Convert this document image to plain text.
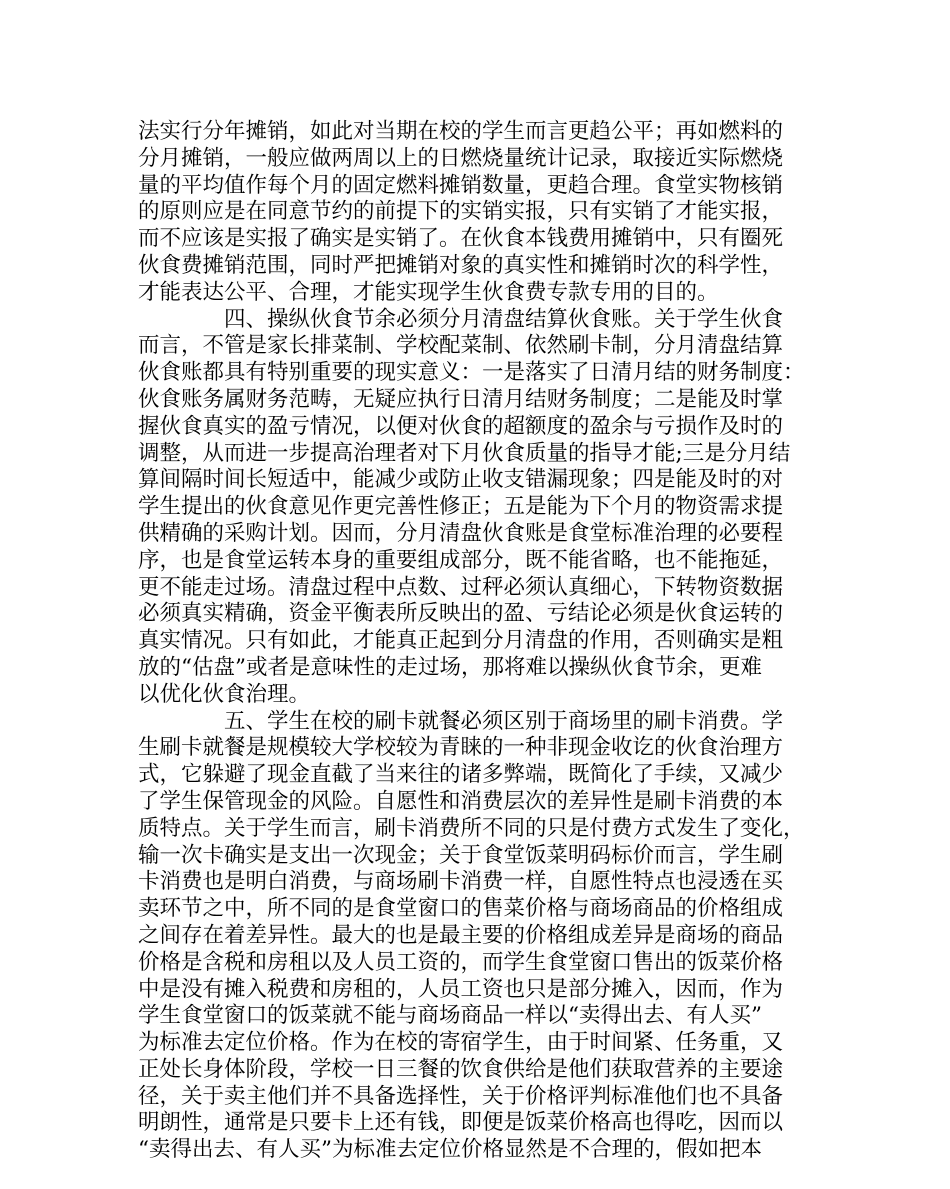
法实行分年摊销，如此对当期在校的学生而言更趋公平；再如燃料的
分月摊销，一般应做两周以上的日燃烧量统计记录，取接近实际燃烧
量的平均值作每个月的固定燃料摊销数量，更趋合理。食堂实物核销
的原则应是在同意节约的前提下的实销实报，只有实销了才能实报，
而不应该是实报了确实是实销了。在伙食本钱费用摊销中，只有圈死
伙食费摊销范围，同时严把摊销对象的真实性和摊销时次的科学性，
才能表达公平、合理，才能实现学生伙食费专款专用的目的。
四、操纵伙食节余必须分月清盘结算伙食账。关于学生伙食
而言，不管是家长排菜制、学校配菜制、依然刷卡制，分月清盘结算
伙食账都具有特别重要的现实意义：一是落实了日清月结的财务制度：
伙食账务属财务范畴，无疑应执行日清月结财务制度；二是能及时掌
握伙食真实的盈亏情况，以便对伙食的超额度的盈余与亏损作及时的
调整，从而进一步提高治理者对下月伙食质量的指导才能;三是分月结
算间隔时间长短适中，能减少或防止收支错漏现象；四是能及时的对
学生提出的伙食意见作更完善性修正；五是能为下个月的物资需求提
供精确的采购计划。因而，分月清盘伙食账是食堂标准治理的必要程
序，也是食堂运转本身的重要组成部分，既不能省略，也不能拖延，
更不能走过场。清盘过程中点数、过秤必须认真细心，下转物资数据
必须真实精确，资金平衡表所反映出的盈、亏结论必须是伙食运转的
真实情况。只有如此，才能真正起到分月清盘的作用，否则确实是粗
放的“估盘”或者是意味性的走过场，那将难以操纵伙食节余，更难
以优化伙食治理。
五、学生在校的刷卡就餐必须区别于商场里的刷卡消费。学
生刷卡就餐是规模较大学校较为青睐的一种非现金收讫的伙食治理方
式，它躲避了现金直截了当来往的诸多弊端，既简化了手续，又减少
了学生保管现金的风险。自愿性和消费层次的差异性是刷卡消费的本
质特点。关于学生而言，刷卡消费所不同的只是付费方式发生了变化，
输一次卡确实是支出一次现金；关于食堂饭菜明码标价而言，学生刷
卡消费也是明白消费，与商场刷卡消费一样，自愿性特点也浸透在买
卖环节之中，所不同的是食堂窗口的售菜价格与商场商品的价格组成
之间存在着差异性。最大的也是最主要的价格组成差异是商场的商品
价格是含税和房租以及人员工资的，而学生食堂窗口售出的饭菜价格
中是没有摊入税费和房租的，人员工资也只是部分摊入，因而，作为
学生食堂窗口的饭菜就不能与商场商品一样以“卖得出去、有人买”
为标准去定位价格。作为在校的寄宿学生，由于时间紧、任务重，又
正处长身体阶段，学校一日三餐的饮食供给是他们获取营养的主要途
径，关于卖主他们并不具备选择性，关于价格评判标准他们也不具备
明朗性，通常是只要卡上还有钱，即便是饭菜价格高也得吃，因而以
“卖得出去、有人买”为标准去定位价格显然是不合理的，假如把本
